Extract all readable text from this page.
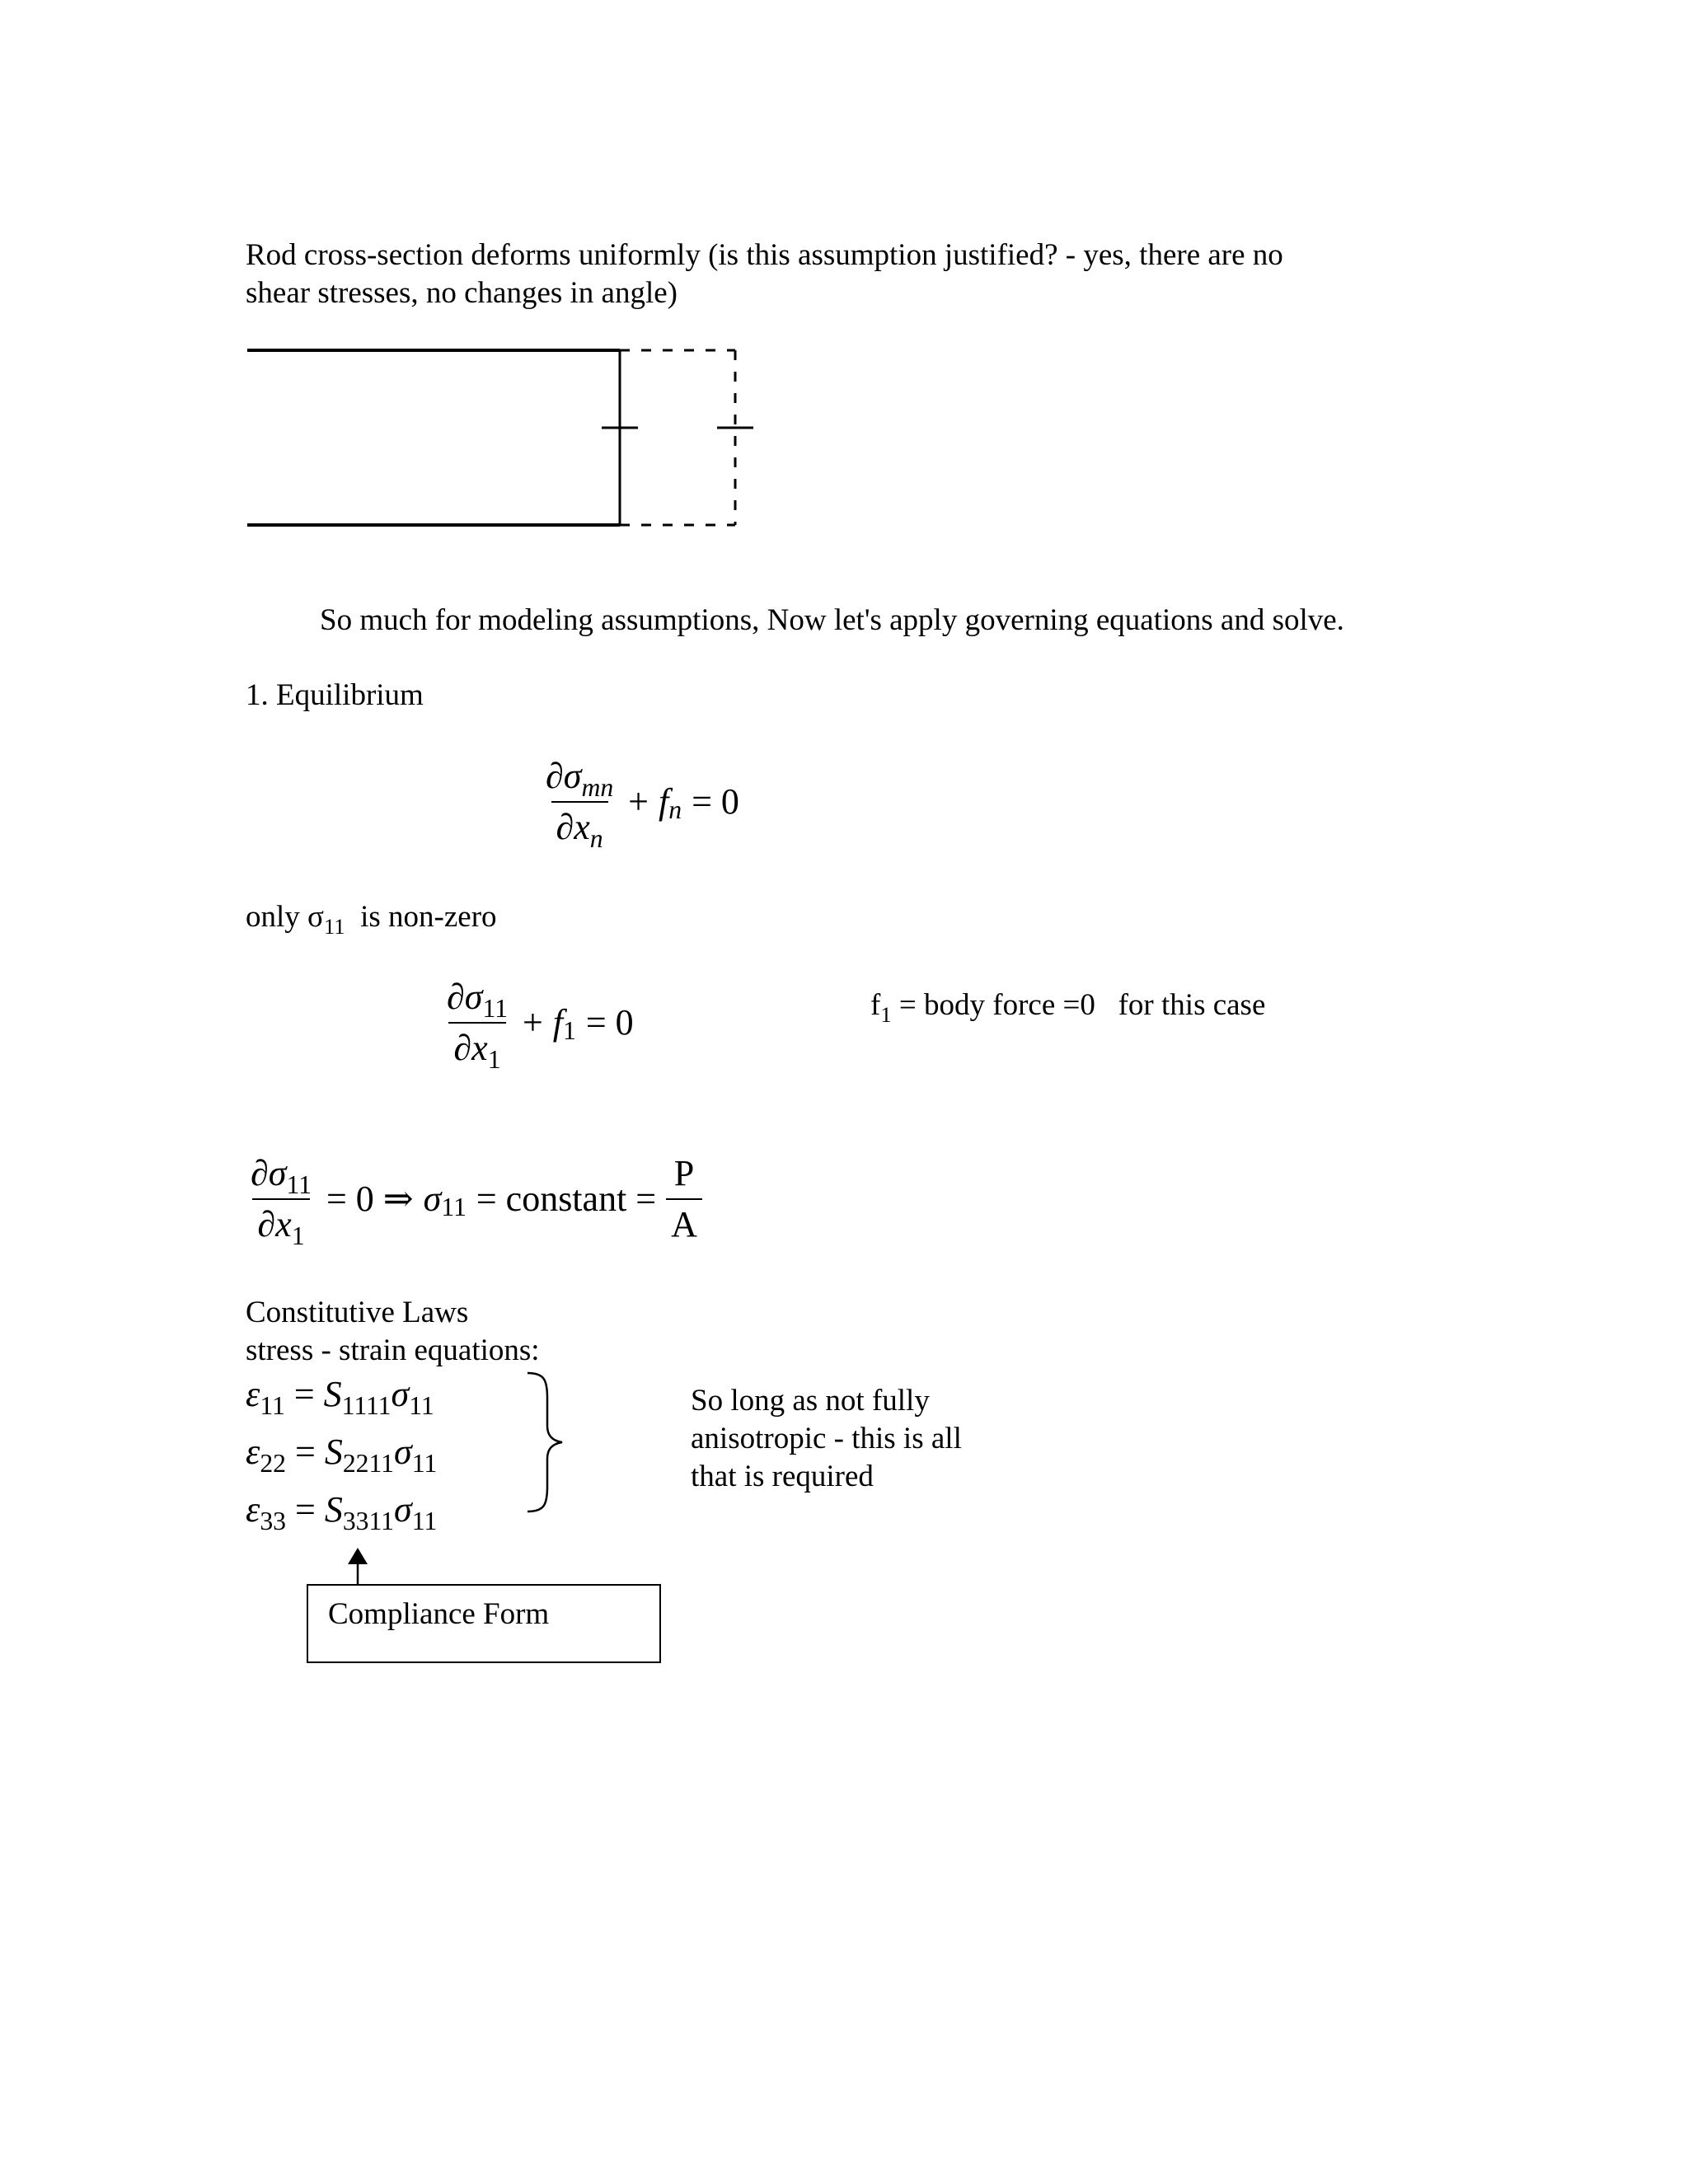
Rod cross-section deforms uniformly (is this assumption justified? - yes, there are no
shear stresses, no changes in angle)
So much for modeling assumptions, Now let's apply governing equations and solve.
1. Equilibrium
$\frac{\partial\sigma_{mn}}{\partial x_n} + f$ n = 0
only $\sigma_{11}$ is non-zero
$\frac{\partial\sigma_{11}}{\partial x_1} + f$ 1 = 0	$f_1$ = body force =0   for this case
$\frac{\partial\sigma_{11}}{\partial x_1} = 0$ ⇒ σ 11 = constant = $\frac{P}{A}$
Constitutive Laws
stress - strain equations:
$\varepsilon_{11} = S_{1111}\sigma_{11}$
$\varepsilon_{22} = S_{2211}\sigma_{11}$
$\varepsilon_{33} = S_{3311}\sigma_{11}$
So long as not fully
anisotropic - this is all
that is required
Compliance Form
